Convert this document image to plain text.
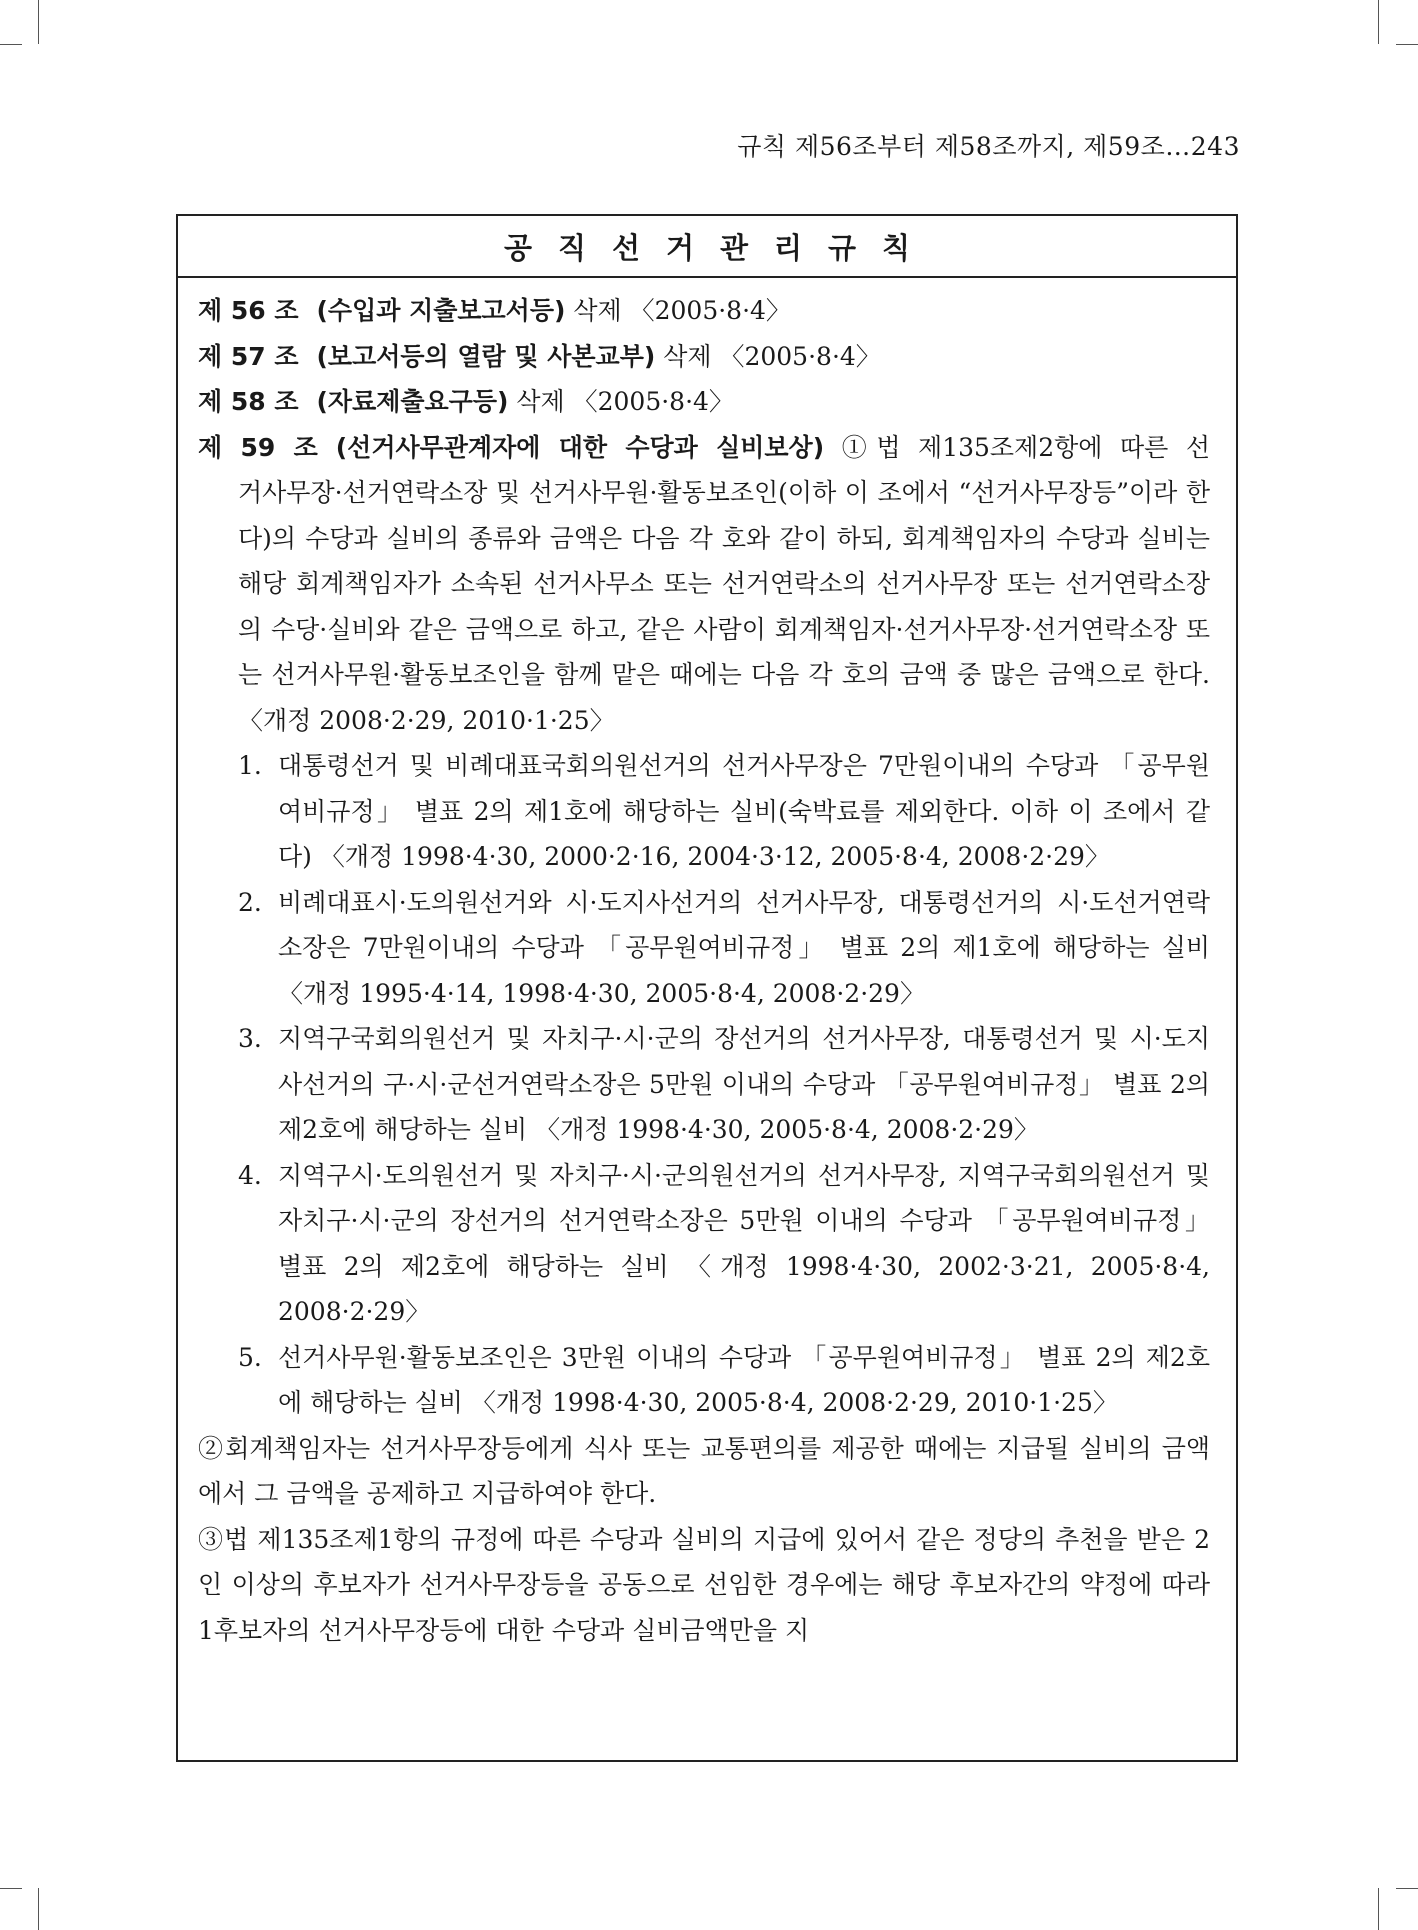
규칙 제56조부터 제58조까지, 제59조…243
공직선거관리규칙

제 56 조 (수입과 지출보고서등) 삭제 〈2005·8·4〉

제 57 조 (보고서등의 열람 및 사본교부) 삭제 〈2005·8·4〉

제 58 조 (자료제출요구등) 삭제 〈2005·8·4〉

제 59 조 (선거사무관계자에 대한 수당과 실비보상) ①법 제135조제2항에 따른 선

거사무장·선거연락소장 및 선거사무원·활동보조인(이하 이 조에서 “선거사무장등”이라 한다)의 수당과 실비의 종류와 금액은 다음 각 호와 같이 하되, 회계책임자의 수당과 실비는 해당 회계책임자가 소속된 선거사무소 또는 선거연락소의 선거사무장 또는 선거연락소장의 수당·실비와 같은 금액으로 하고, 같은 사람이 회계책임자·선거사무장·선거연락소장 또는 선거사무원·활동보조인을 함께 맡은 때에는 다음 각 호의 금액 중 많은 금액으로 한다. 〈개정 2008·2·29, 2010·1·25〉

1. 대통령선거 및 비례대표국회의원선거의 선거사무장은 7만원이내의 수당과 「공무원여비규정」 별표 2의 제1호에 해당하는 실비(숙박료를 제외한다. 이하 이 조에서 같다) 〈개정 1998·4·30, 2000·2·16, 2004·3·12, 2005·8·4, 2008·2·29〉
2. 비례대표시·도의원선거와 시·도지사선거의 선거사무장, 대통령선거의 시·도선거연락소장은 7만원이내의 수당과 「공무원여비규정」 별표 2의 제1호에 해당하는 실비 〈개정 1995·4·14, 1998·4·30, 2005·8·4, 2008·2·29〉
3. 지역구국회의원선거 및 자치구·시·군의 장선거의 선거사무장, 대통령선거 및 시·도지사선거의 구·시·군선거연락소장은 5만원 이내의 수당과 「공무원여비규정」 별표 2의 제2호에 해당하는 실비 〈개정 1998·4·30, 2005·8·4, 2008·2·29〉
4. 지역구시·도의원선거 및 자치구·시·군의원선거의 선거사무장, 지역구국회의원선거 및 자치구·시·군의 장선거의 선거연락소장은 5만원 이내의 수당과 「공무원여비규정」 별표 2의 제2호에 해당하는 실비 〈개정 1998·4·30, 2002·3·21, 2005·8·4, 2008·2·29〉
5. 선거사무원·활동보조인은 3만원 이내의 수당과 「공무원여비규정」 별표 2의 제2호에 해당하는 실비 〈개정 1998·4·30, 2005·8·4, 2008·2·29, 2010·1·25〉

②회계책임자는 선거사무장등에게 식사 또는 교통편의를 제공한 때에는 지급될 실비의 금액에서 그 금액을 공제하고 지급하여야 한다.

③법 제135조제1항의 규정에 따른 수당과 실비의 지급에 있어서 같은 정당의 추천을 받은 2인 이상의 후보자가 선거사무장등을 공동으로 선임한 경우에는 해당 후보자간의 약정에 따라 1후보자의 선거사무장등에 대한 수당과 실비금액만을 지
